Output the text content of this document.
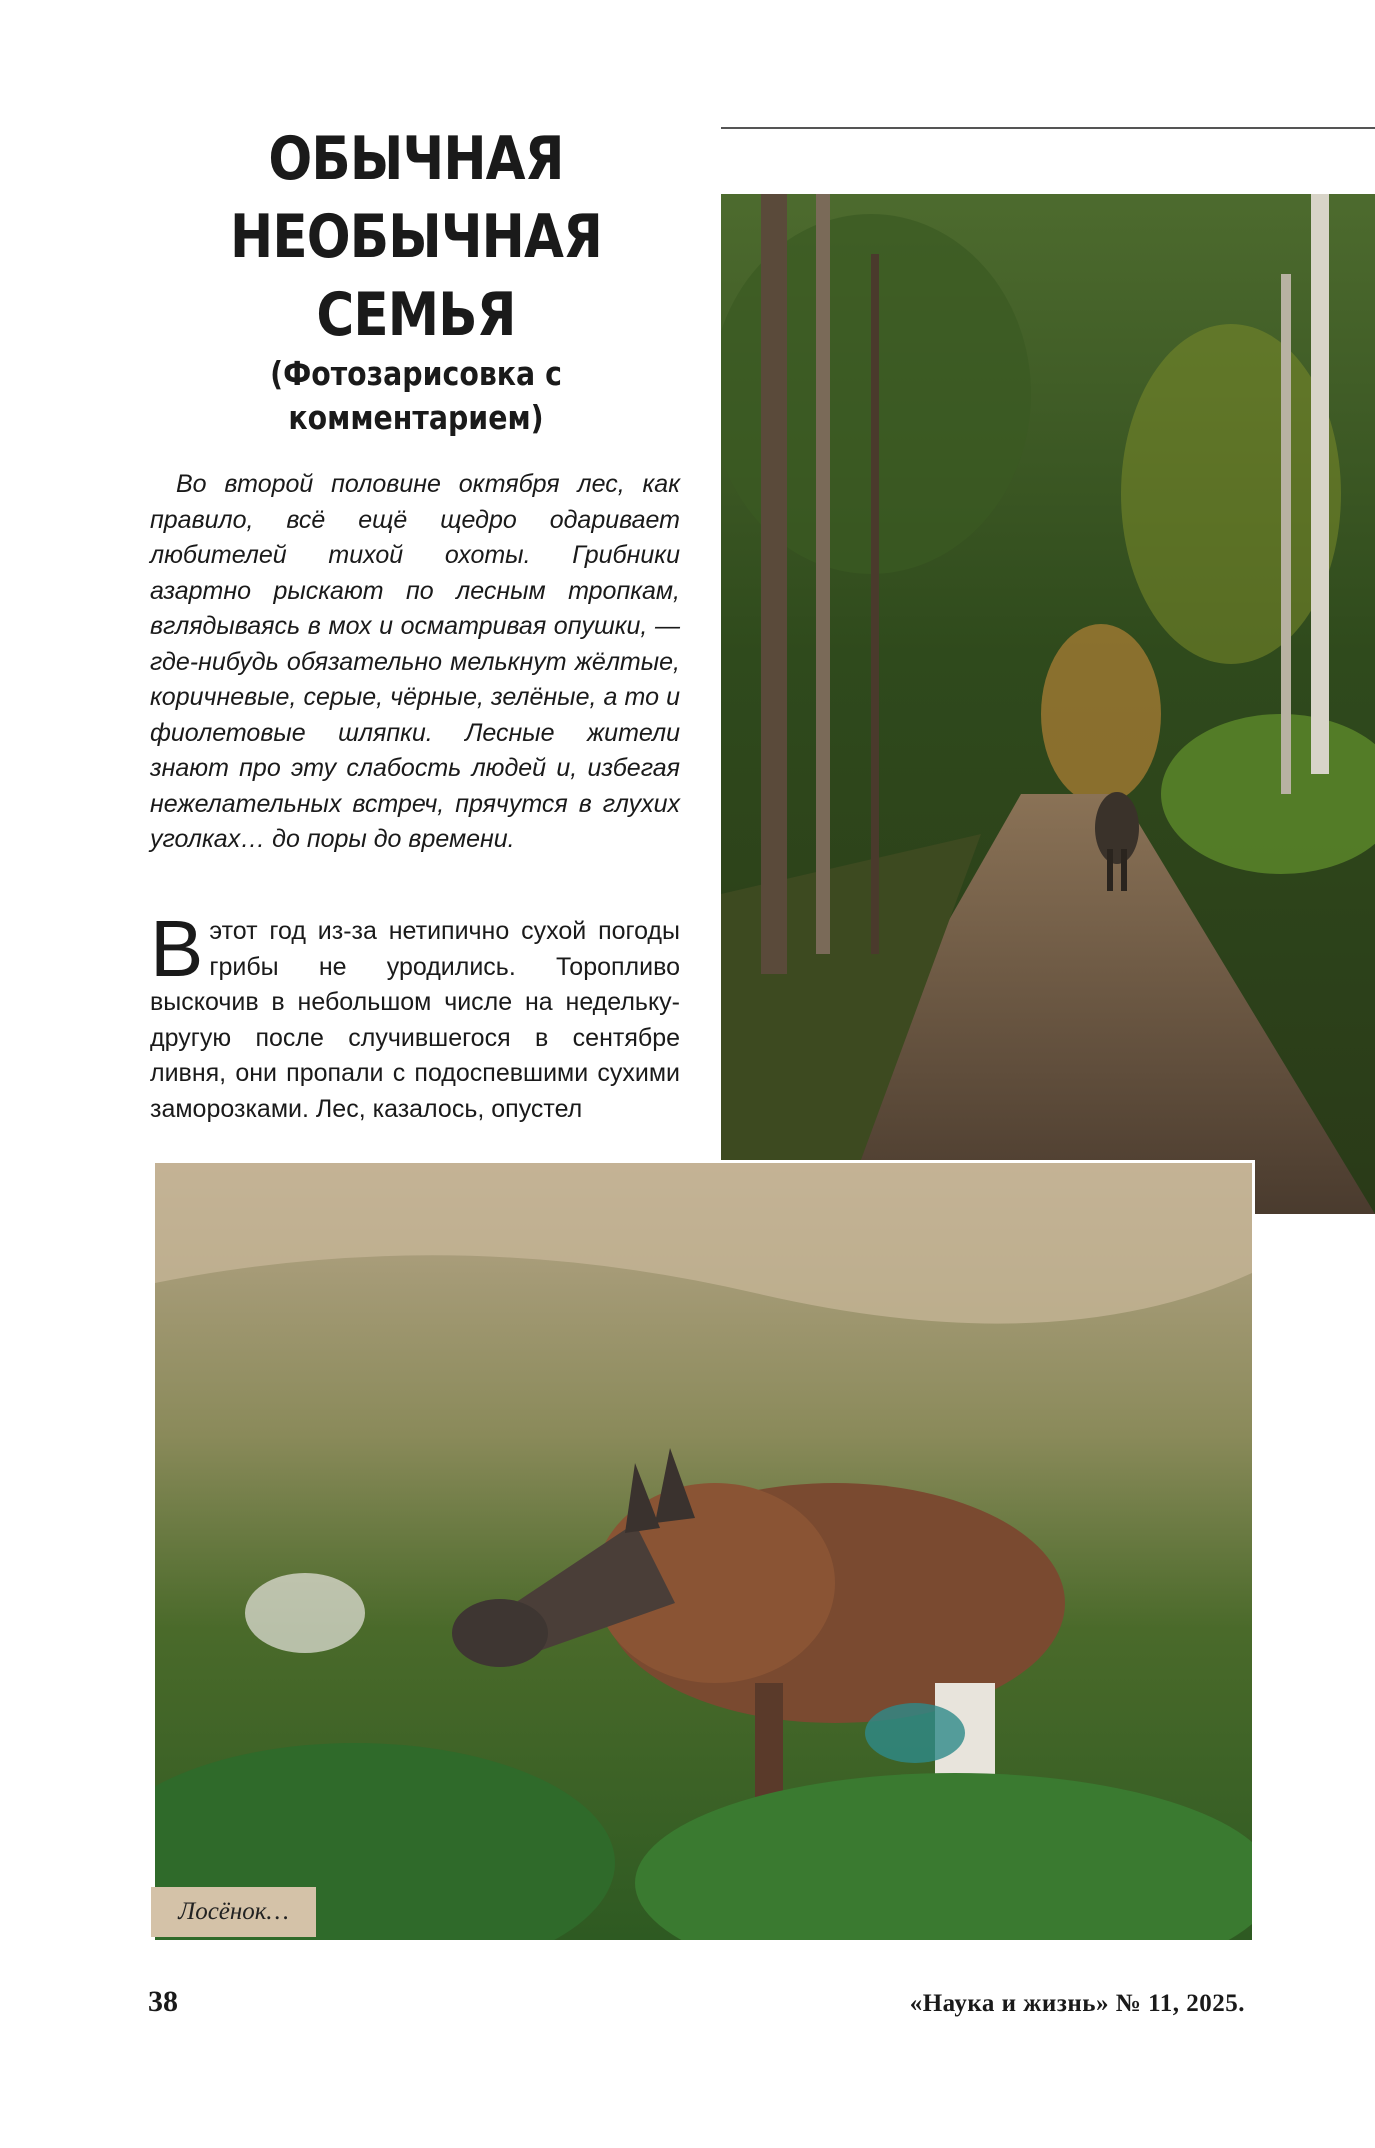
ОБЫЧНАЯ
НЕОБЫЧНАЯ
СЕМЬЯ

(Фотозарисовка с комментарием)

Во второй половине октября лес, как правило, всё ещё щедро одаривает любителей тихой охоты. Грибники азартно рыскают по лесным тропкам, вглядываясь в мох и осматривая опушки, — где-нибудь обязательно мелькнут жёлтые, коричневые, серые, чёрные, зелёные, а то и фиолетовые шляпки. Лесные жители знают про эту слабость людей и, избегая нежелательных встреч, прячутся в глухих уголках… до поры до времени.

Вэтот год из-за нетипично сухой погоды грибы не уродились. Торопливо выскочив в небольшом числе на недельку-другую после случившегося в сентябре ливня, они пропали с подоспевшими сухими заморозками. Лес, казалось, опустел

Лосёнок…
38	«Наука и жизнь» № 11, 2025.
